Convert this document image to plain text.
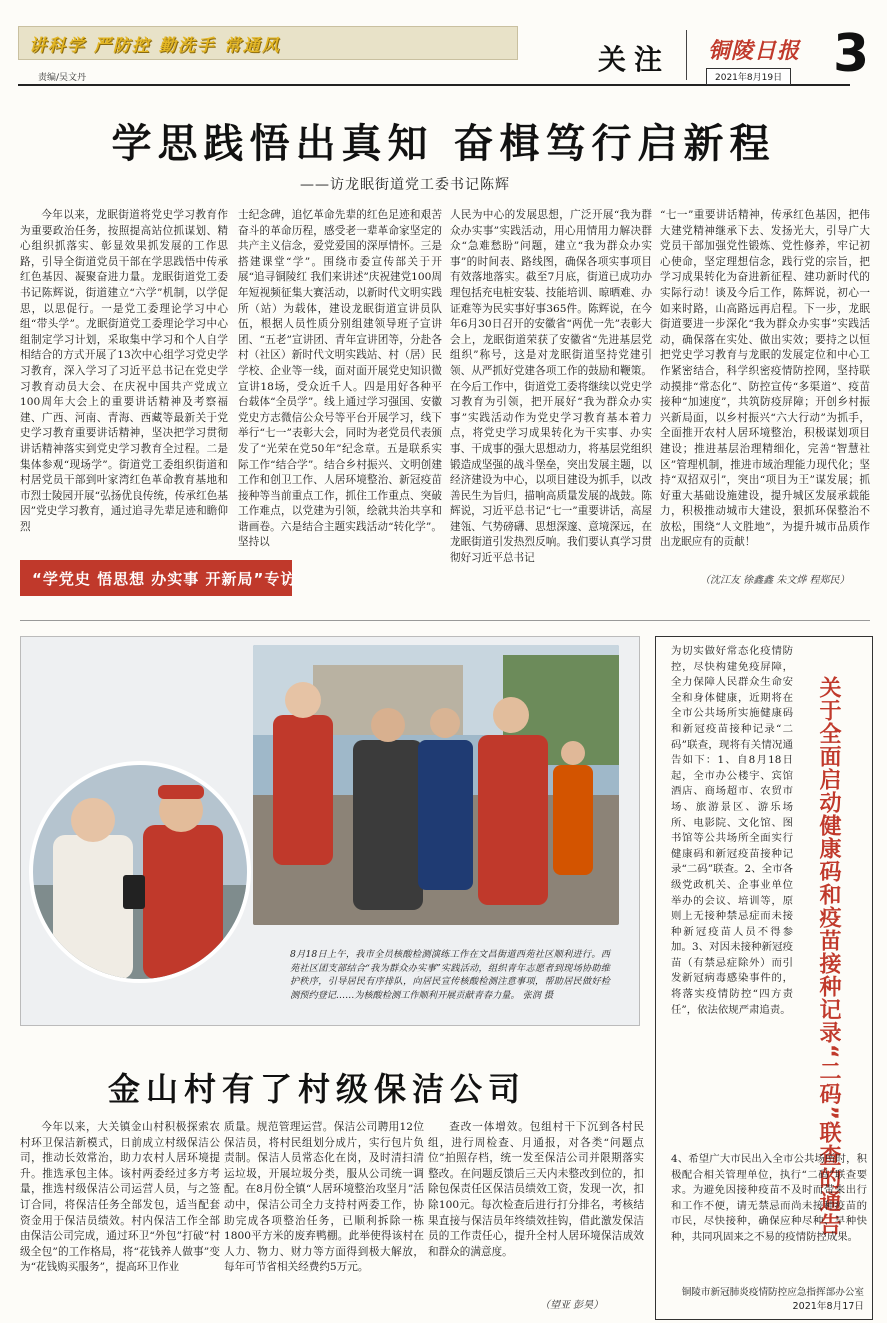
讲科学 严防控 勤洗手 常通风
责编/吴文丹
关注 铜陵日报
2021年8月19日 3
学思践悟出真知 奋楫笃行启新程
——访龙眠街道党工委书记陈辉

今年以来，龙眠街道将党史学习教育作为重要政治任务，按照提高站位抓谋划、精心组织抓落实、彰显效果抓发展的工作思路，引导全街道党员干部在学思践悟中传承红色基因、凝聚奋进力量。龙眠街道党工委书记陈辉说，街道建立“六学”机制，以学促思，以思促行。一是党工委理论学习中心组“带头学”。龙眠街道党工委理论学习中心组制定学习计划，采取集中学习和个人自学相结合的方式开展了13次中心组学习党史学习教育，深入学习了习近平总书记在党史学习教育动员大会、在庆祝中国共产党成立100周年大会上的重要讲话精神及考察福建、广西、河南、青海、西藏等最新关于党史学习教育重要讲话精神，坚决把学习贯彻讲话精神落实到党史学习教育全过程。二是集体参观“现场学”。街道党工委组织街道和村居党员干部到叶家湾红色革命教育基地和市烈士陵园开展“弘扬优良传统，传承红色基因”党史学习教育，通过追寻先辈足迹和瞻仰烈

士纪念碑，追忆革命先辈的红色足迹和艰苦奋斗的革命历程，感受老一辈革命家坚定的共产主义信念，爱党爱国的深厚情怀。三是搭建课堂“学”。围绕市委宣传部关于开展“追寻铜陵红 我们来讲述”庆祝建党100周年短视频征集大赛活动，以新时代文明实践所（站）为载体，建设龙眠街道宣讲员队伍，根据人员性质分别组建领导班子宣讲团、“五老”宣讲团、青年宣讲团等，分赴各村（社区）新时代文明实践站、村（居）民学校、企业等一线，面对面开展党史知识微宣讲18场，受众近千人。四是用好各种平台载体“全员学”。线上通过学习强国、安徽党史方志微信公众号等平台开展学习，线下举行“七一”表彰大会，同时为老党员代表颁发了“光荣在党50年”纪念章。五是联系实际工作“结合学”。结合乡村振兴、文明创建工作和创卫工作、人居环境整治、新冠疫苗接种等当前重点工作，抓住工作重点、突破工作难点，以党建为引领，绘就共治共享和谐画卷。六是结合主题实践活动“转化学”。坚持以

人民为中心的发展思想，广泛开展“我为群众办实事”实践活动，用心用情用力解决群众“急难愁盼”问题，建立“我为群众办实事”的时间表、路线图，确保各项实事项目有效落地落实。截至7月底，街道已成功办理包括充电桩安装、技能培训、晾晒难、办证难等为民实事好事365件。陈辉说，在今年6月30日召开的安徽省“两优一先”表彰大会上，龙眠街道荣获了安徽省“先进基层党组织”称号，这是对龙眠街道坚持党建引领、从严抓好党建各项工作的鼓励和鞭策。在今后工作中，街道党工委将继续以党史学习教育为引领，把开展好“我为群众办实事”实践活动作为党史学习教育基本着力点，将党史学习成果转化为干实事、办实事、干成事的强大思想动力，将基层党组织锻造成坚强的战斗堡垒，突出发展主题，以经济建设为中心，以项目建设为抓手，以改善民生为旨归，描响高质量发展的战鼓。陈辉说，习近平总书记“七一”重要讲话，高屋建瓴、气势磅礴、思想深邃、意境深远，在龙眠街道引发热烈反响。我们要认真学习贯彻好习近平总书记

“七一”重要讲话精神，传承红色基因，把伟大建党精神继承下去、发扬光大，引导广大党员干部加强党性锻炼、党性修养，牢记初心使命，坚定理想信念，践行党的宗旨，把学习成果转化为奋进新征程、建功新时代的实际行动！谈及今后工作，陈辉说，初心一如来时路，山高路远再启程。下一步，龙眠街道要进一步深化“我为群众办实事”实践活动，确保落在实处、做出实效；要持之以恒把党史学习教育与龙眠的发展定位和中心工作紧密结合，科学织密疫情防控网，坚持联动摸排“常态化”、防控宣传“多渠道”、疫苗接种“加速度”，共筑防疫屏障；开创乡村振兴新局面，以乡村振兴“六大行动”为抓手，全面推开农村人居环境整治，积极谋划项目建设；推进基层治理精细化，完善“智慧社区”管理机制，推进市域治理能力现代化；坚持“双招双引”，突出“项目为王”谋发展；抓好重大基础设施建设，提升城区发展承载能力，积极推动城市大建设，狠抓环保整治不放松，围绕“人文胜地”，为提升城市品质作出龙眠应有的贡献！

（沈江友 徐鑫鑫 朱文烨 程郑民）
“学党史 悟思想 办实事 开新局”专访
8月18日上午，我市全员核酸检测演练工作在文昌街道西苑社区顺利进行。西苑社区团支部结合“我为群众办实事”实践活动，组织青年志愿者到现场协助维护秩序，引导居民有序排队，向居民宣传核酸检测注意事项，帮助居民做好检测预约登记……为核酸检测工作顺利开展贡献青春力量。 张润 摄	关于全面启动健康码和疫苗接种记录“二码”联查的通告
为切实做好常态化疫情防控，尽快构建免疫屏障，全力保障人民群众生命安全和身体健康，近期将在全市公共场所实施健康码和新冠疫苗接种记录“二码”联查，现将有关情况通告如下：1、自8月18日起，全市办公楼宇、宾馆酒店、商场超市、农贸市场、旅游景区、游乐场所、电影院、文化馆、图书馆等公共场所全面实行健康码和新冠疫苗接种记录“二码”联查。2、全市各级党政机关、企事业单位举办的会议、培训等，原则上无接种禁忌症而未接种新冠疫苗人员不得参加。3、对因未接种新冠疫苗（有禁忌症除外）而引发新冠病毒感染事件的，将落实疫情防控“四方责任”，依法依规严肃追责。
4、希望广大市民出入全市公共场所时，积极配合相关管理单位，执行“二码”联查要求。为避免因接种疫苗不及时而带来出行和工作不便，请无禁忌而尚未接种疫苗的市民，尽快接种，确保应种尽种、早种快种，共同巩固来之不易的疫情防控成果。
铜陵市新冠肺炎疫情防控应急指挥部办公室
2021年8月17日
金山村有了村级保洁公司

今年以来，大关镇金山村积极探索农村环卫保洁新模式，日前成立村级保洁公司，推动长效常治，助力农村人居环境提升。推选承包主体。该村两委经过多方考量，推选村级保洁公司运营人员，与之签订合同，将保洁任务全部发包，适当配套资金用于保洁员绩效。村内保洁工作全部由保洁公司完成，通过环卫“外包”打破“村级全包”的工作格局，将“花钱养人做事”变为“花钱购买服务”，提高环卫作业

质量。规范管理运营。保洁公司聘用12位保洁员，将村民组划分成片，实行包片负责制。保洁人员常态化在岗，及时清扫清运垃圾，开展垃圾分类，服从公司统一调配。在8月份全镇“人居环境整治攻坚月”活动中，保洁公司全力支持村两委工作，协助完成各项整治任务，已顺利拆除一栋1800平方米的废弃鸭棚。此举使得该村在人力、物力、财力等方面得到极大解放，每年可节省相关经费约5万元。

查改一体增效。包组村干下沉到各村民组，进行周检查、月通报，对各类“问题点位”拍照存档，统一发至保洁公司并限期落实整改。在问题反馈后三天内未整改到位的，扣除包保责任区保洁员绩效工资，发现一次，扣除100元。每次检查后进行打分排名，考核结果直接与保洁员年终绩效挂钩，借此激发保洁员的工作责任心，提升全村人居环境保洁成效和群众的满意度。

（望亚 彭昊）
